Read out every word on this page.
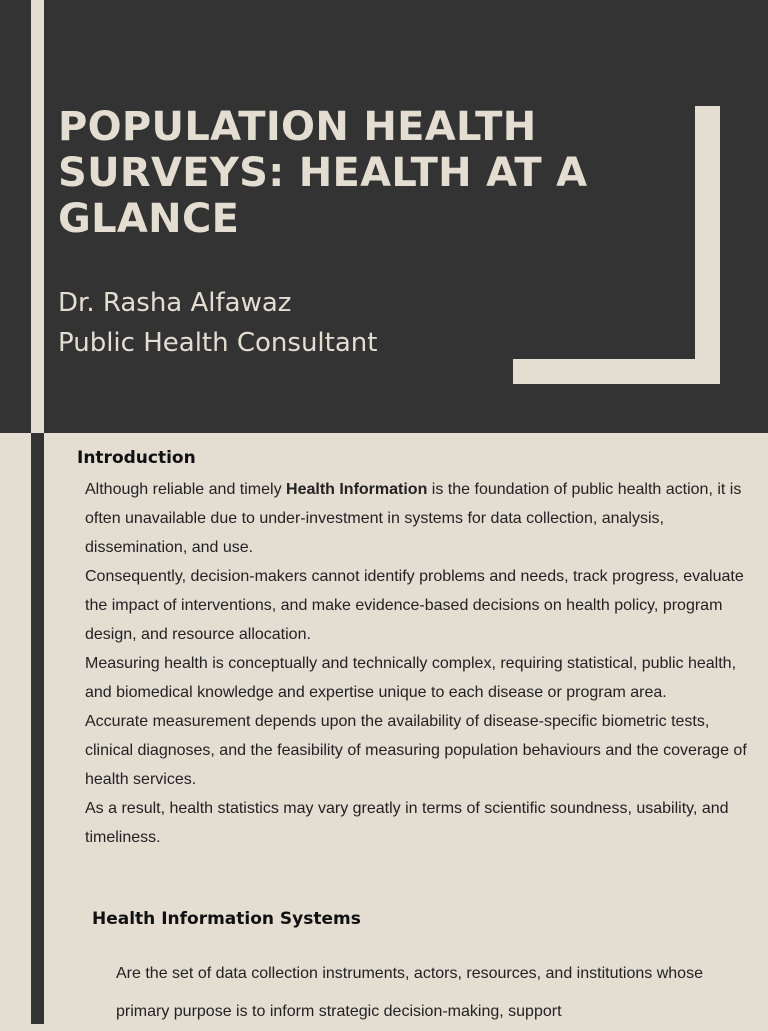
POPULATION HEALTH SURVEYS: HEALTH AT A GLANCE
Dr. Rasha Alfawaz
Public Health Consultant
Introduction
Although reliable and timely Health Information is the foundation of public health action, it is often unavailable due to under-investment in systems for data collection, analysis, dissemination, and use.
Consequently, decision-makers cannot identify problems and needs, track progress, evaluate the impact of interventions, and make evidence-based decisions on health policy, program design, and resource allocation.
Measuring health is conceptually and technically complex, requiring statistical, public health, and biomedical knowledge and expertise unique to each disease or program area.
Accurate measurement depends upon the availability of disease-specific biometric tests, clinical diagnoses, and the feasibility of measuring population behaviours and the coverage of health services.
As a result, health statistics may vary greatly in terms of scientific soundness, usability, and timeliness.
Health Information Systems
Are the set of data collection instruments, actors, resources, and institutions whose primary purpose is to inform strategic decision-making, support
